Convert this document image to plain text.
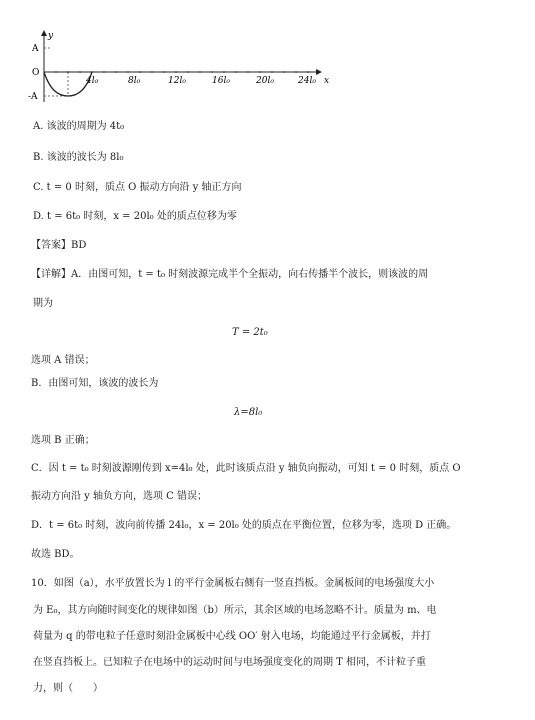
y
x
A
O
-A
4l₀	8l₀	12l₀	16l₀	20l₀	24l₀
A. 该波的周期为 4t₀
B. 该波的波长为 8l₀
C. t = 0 时刻，质点 O 振动方向沿 y 轴正方向
D. t = 6t₀ 时刻，x = 20l₀ 处的质点位移为零
【答案】BD
【详解】A．由图可知，t = t₀ 时刻波源完成半个全振动，向右传播半个波长，则该波的周
期为
T = 2t₀
选项 A 错误；
B．由图可知，该波的波长为
λ=8l₀
选项 B 正确；
C．因 t = t₀ 时刻波源刚传到 x=4l₀ 处，此时该质点沿 y 轴负向振动，可知 t = 0 时刻，质点 O
振动方向沿 y 轴负方向，选项 C 错误；
D．t = 6t₀ 时刻，波向前传播 24l₀，x = 20l₀ 处的质点在平衡位置，位移为零，选项 D 正确。
故选 BD。
10．如图（a），水平放置长为 l 的平行金属板右侧有一竖直挡板。金属板间的电场强度大小
为 E₀，其方向随时间变化的规律如图（b）所示，其余区域的电场忽略不计。质量为 m、电
荷量为 q 的带电粒子任意时刻沿金属板中心线 OO′ 射入电场，均能通过平行金属板，并打
在竖直挡板上。已知粒子在电场中的运动时间与电场强度变化的周期 T 相同，不计粒子重
力，则（　　）
